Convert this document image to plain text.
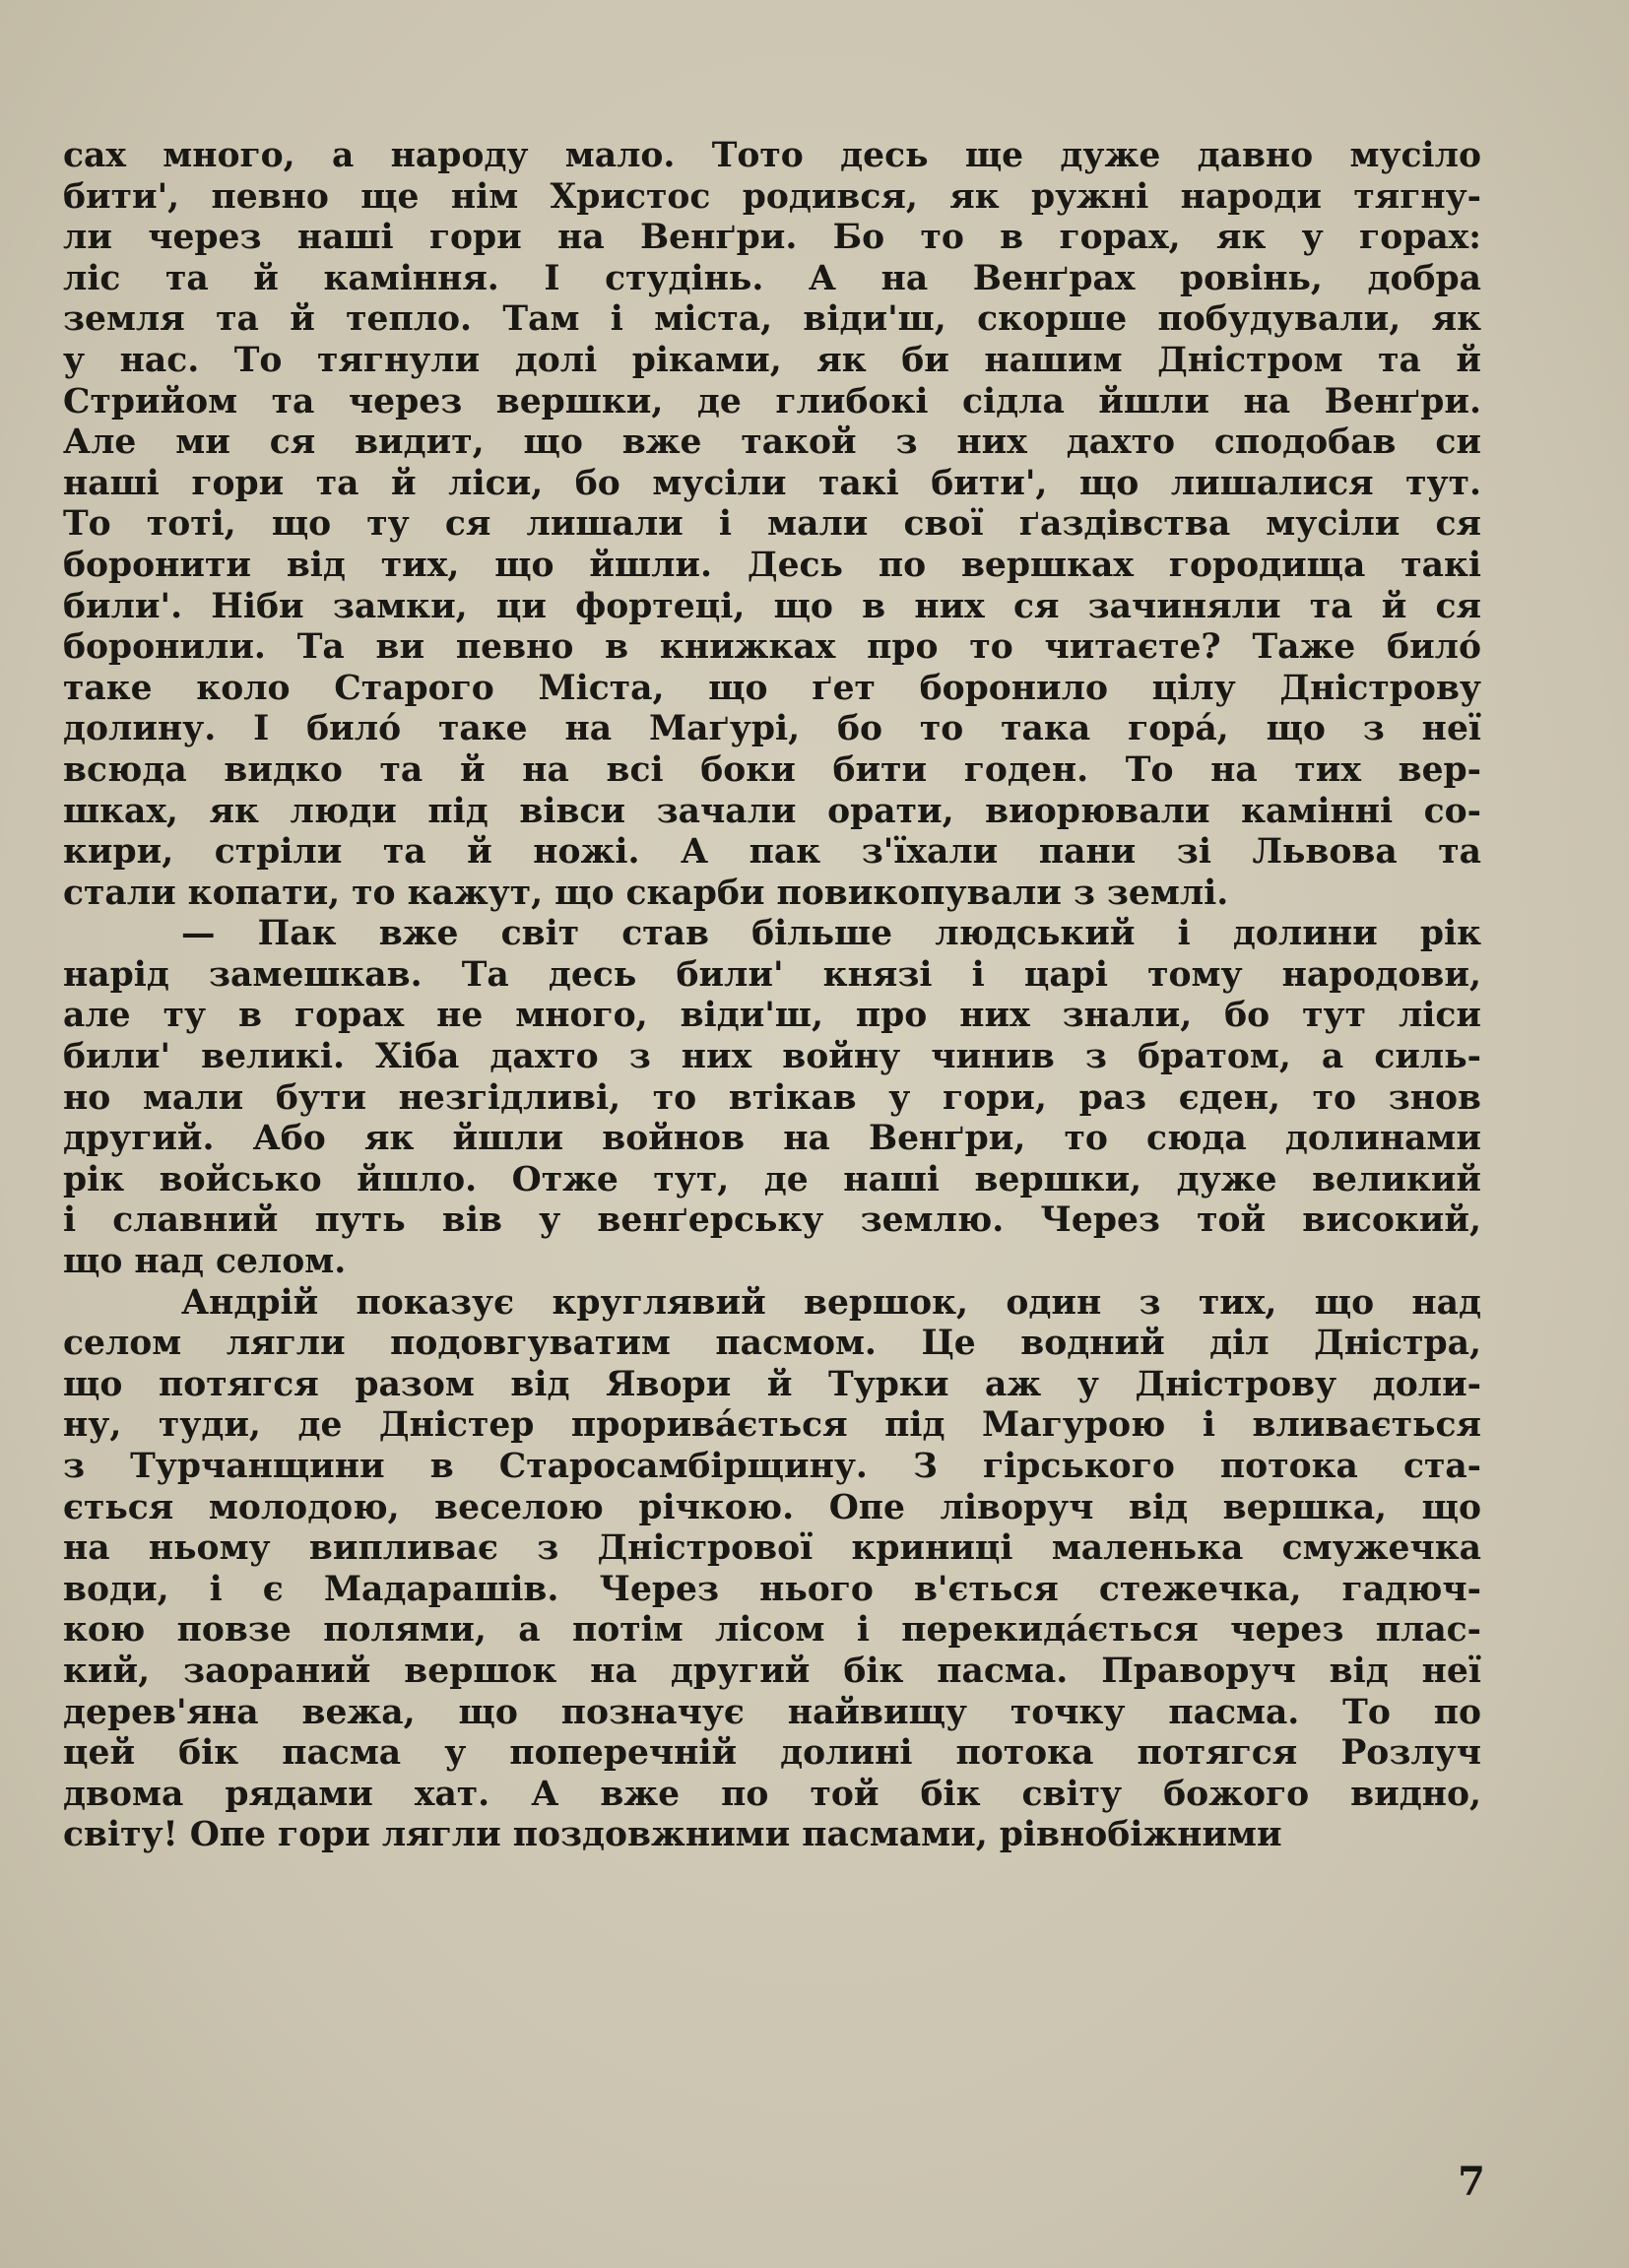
сах много, а народу мало. Тото десь ще дуже давно мусіло
бити', певно ще нім Христос родився, як ружні народи тягну-
ли через наші гори на Венґри. Бо то в горах, як у горах:
ліс та й каміння. І студінь. А на Венґрах рoвінь, добра
земля та й тепло. Там і міста, віди'ш, скорше побудували, як
у нас. То тягнули долі ріками, як би нашим Дністром та й
Стрийом та через вершки, де глибокі сідла йшли на Венґри.
Але ми ся видит, що вже такой з них дахто сподобав си
наші гори та й ліси, бо мусіли такі бити', що лишалися тут.
То тоті, що ту ся лишали і мали свої ґаздівства мусіли ся
боронити від тих, що йшли. Десь по вершках городища такі
били'. Ніби замки, ци фортеці, що в них ся зачиняли та й ся
боронили. Та ви певно в книжках про то читаєте? Таже било́
таке коло Старого Міста, що ґет боронило цілу Дністрову
долину. І било́ таке на Маґурі, бо то така гора́, що з неї
всюда видко та й на всі боки бити годен. То на тих вер-
шках, як люди під вівси зачали орати, виорювали камінні со-
кири, стріли та й ножі. А пак з'їхали пани зі Львова та
стали копати, то кажут, що скарби повикопували з землі.

— Пак вже світ став більше людський і долини рік
нарід замешкав. Та десь били' князі і царі тому народови,
але ту в горах не много, віди'ш, про них знали, бо тут ліси
били' великі. Хіба дахто з них войну чинив з братом, а силь-
но мали бути незгідливі, то втікав у гори, раз єден, то знов
другий. Або як йшли войнов на Венґри, то сюда долинами
рік войсько йшло. Отже тут, де наші вершки, дуже великий
і славний путь вів у венґерську землю. Через той високий,
що над селом.

Андрій показує круглявий вершок, один з тих, що над
селом лягли подовгуватим пасмом. Це водний діл Дністра,
що потягся разом від Явори й Турки аж у Дністрову доли-
ну, туди, де Дністер прорива́ється під Магурою і вливається
з Турчанщини в Старосамбірщину. З гірського потока ста-
ється молодою, веселою річкою. Опе ліворуч від вершка, що
на ньому випливає з Дністрової криниці маленька смужечка
води, і є Мадарашів. Через нього в'ється стежечка, гадюч-
кою повзе полями, а потім лісом і перекида́ється через плас-
кий, заораний вершок на другий бік пасма. Праворуч від неї
дерев'яна вежа, що позначує найвищу точку пасма. То по
цей бік пасма у поперечній долині потока потягся Розлуч
двома рядами хат. А вже по той бік світу божого видно,
світу! Опе гори лягли поздовжними пасмами, рівнобіжними

7
